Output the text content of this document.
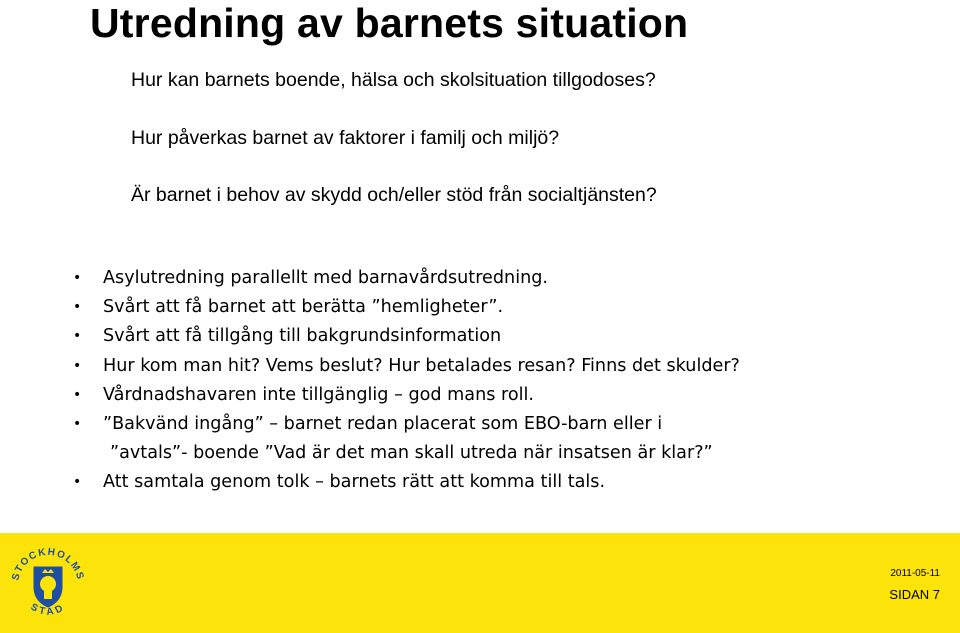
Utredning av barnets situation
Hur kan barnets boende, hälsa och skolsituation tillgodoses?
Hur påverkas barnet av faktorer i familj och miljö?
Är barnet i behov av skydd och/eller stöd från socialtjänsten?
• Asylutredning parallellt med barnavårdsutredning.
• Svårt att få barnet att berätta ”hemligheter”.
• Svårt att få tillgång till bakgrundsinformation
• Hur kom man hit? Vems beslut? Hur betalades resan? Finns det skulder?
• Vårdnadshavaren inte tillgänglig – god mans roll.
• ”Bakvänd ingång” – barnet redan placerat som EBO-barn eller i
”avtals”- boende ”Vad är det man skall utreda när insatsen är klar?”
• Att samtala genom tolk – barnets rätt att komma till tals.
STOCKHOLMS
STAD
2011-05-11
SIDAN 7
